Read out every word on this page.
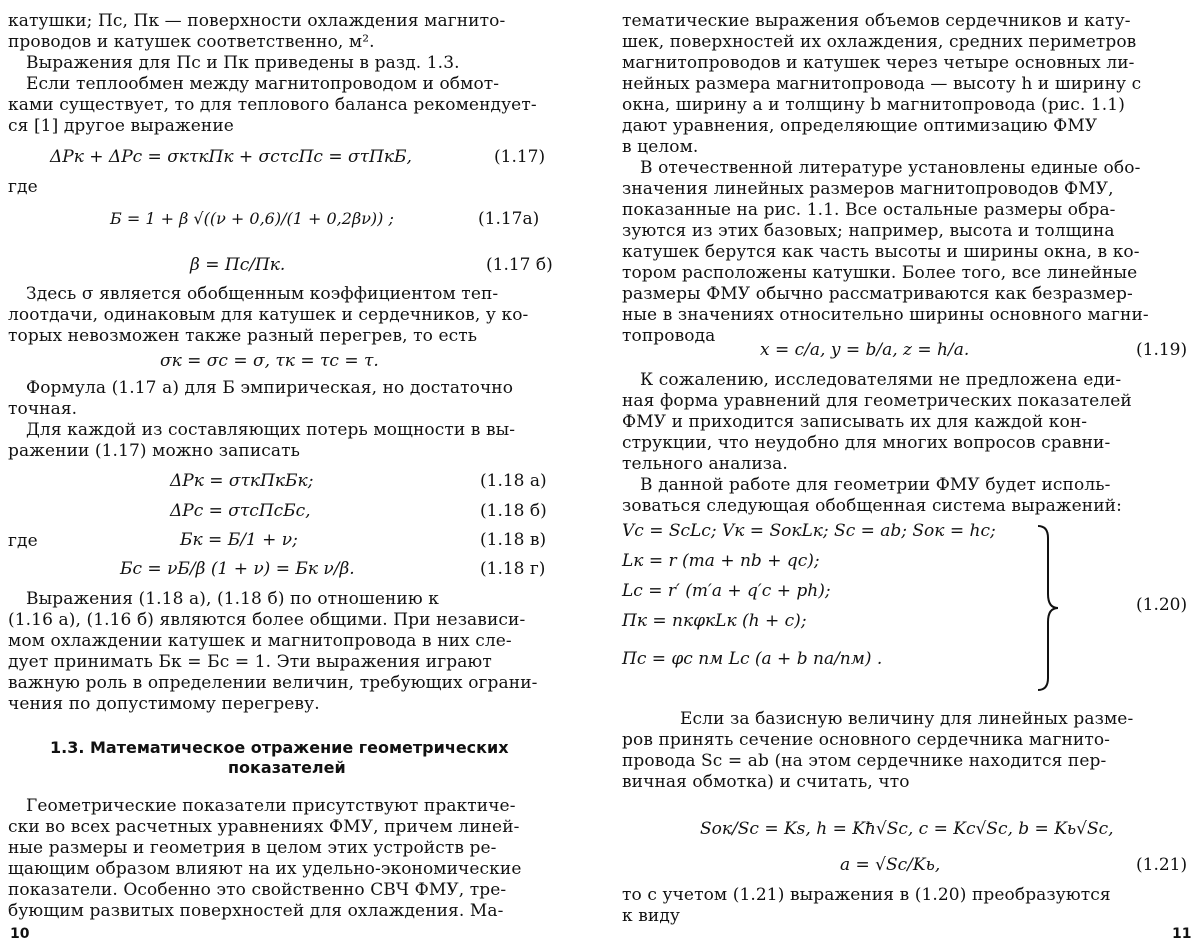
катушки; Пс, Пк — поверхности охлаждения магнито-
проводов и катушек соответственно, м².
Выражения для Пс и Пк приведены в разд. 1.3.
Если теплообмен между магнитопроводом и обмот-
ками существует, то для теплового баланса рекомендует-
ся [1] другое выражение
ΔPк + ΔPс = σкτкПк + σсτсПс = στПкБ,	(1.17)
где
Б = 1 + β √((ν + 0,6)/(1 + 0,2βν)) ;	(1.17a)
β = Пс/Пк.	(1.17 б)
Здесь σ является обобщенным коэффициентом теп-
лоотдачи, одинаковым для катушек и сердечников, у ко-
торых невозможен также разный перегрев, то есть
σк = σс = σ, τк = τс = τ.
Формула (1.17 а) для Б эмпирическая, но достаточно
точная.
Для каждой из составляющих потерь мощности в вы-
ражении (1.17) можно записать
ΔPк = στкПкБк;	(1.18 а)
ΔPс = στсПсБс,	(1.18 б)
где	Бк = Б/1 + ν;	(1.18 в)
Бс = νБ/β (1 + ν) = Бк ν/β.	(1.18 г)
Выражения (1.18 а), (1.18 б) по отношению к
(1.16 а), (1.16 б) являются более общими. При независи-
мом охлаждении катушек и магнитопровода в них сле-
дует принимать Бк = Бс = 1. Эти выражения играют
важную роль в определении величин, требующих ограни-
чения по допустимому перегреву.
1.3. Математическое отражение геометрических
показателей
Геометрические показатели присутствуют практиче-
ски во всех расчетных уравнениях ФМУ, причем линей-
ные размеры и геометрия в целом этих устройств ре-
щающим образом влияют на их удельно-экономические
показатели. Особенно это свойственно СВЧ ФМУ, тре-
бующим развитых поверхностей для охлаждения. Ма-
10
тематические выражения объемов сердечников и кату-
шек, поверхностей их охлаждения, средних периметров
магнитопроводов и катушек через четыре основных ли-
нейных размера магнитопровода — высоту h и ширину c
окна, ширину a и толщину b магнитопровода (рис. 1.1)
дают уравнения, определяющие оптимизацию ФМУ
в целом.
В отечественной литературе установлены единые обо-
значения линейных размеров магнитопроводов ФМУ,
показанные на рис. 1.1. Все остальные размеры обра-
зуются из этих базовых; например, высота и толщина
катушек берутся как часть высоты и ширины окна, в ко-
тором расположены катушки. Более того, все линейные
размеры ФМУ обычно рассматриваются как безразмер-
ные в значениях относительно ширины основного магни-
топровода
x = c/a, y = b/a, z = h/a.	(1.19)
К сожалению, исследователями не предложена еди-
ная форма уравнений для геометрических показателей
ФМУ и приходится записывать их для каждой кон-
струкции, что неудобно для многих вопросов сравни-
тельного анализа.
В данной работе для геометрии ФМУ будет исполь-
зоваться следующая обобщенная система выражений:
Vс = SсLс; Vк = SокLк; Sс = ab; Sок = hc;
Lк = r (ma + nb + qc);
Lс = r′ (m′a + q′c + ph);
Пк = nкφкLк (h + c);
Пс = φс nм Lс (a + b nа/nм) .
(1.20)
Если за базисную величину для линейных разме-
ров принять сечение основного сердечника магнито-
провода Sс = ab (на этом сердечнике находится пер-
вичная обмотка) и считать, что
Sок/Sс = Kѕ, h = Kħ√Sс, c = Kс√Sс, b = Kь√Sс,
a = √Sс/Kь,	(1.21)
то с учетом (1.21) выражения в (1.20) преобразуются
к виду
11
